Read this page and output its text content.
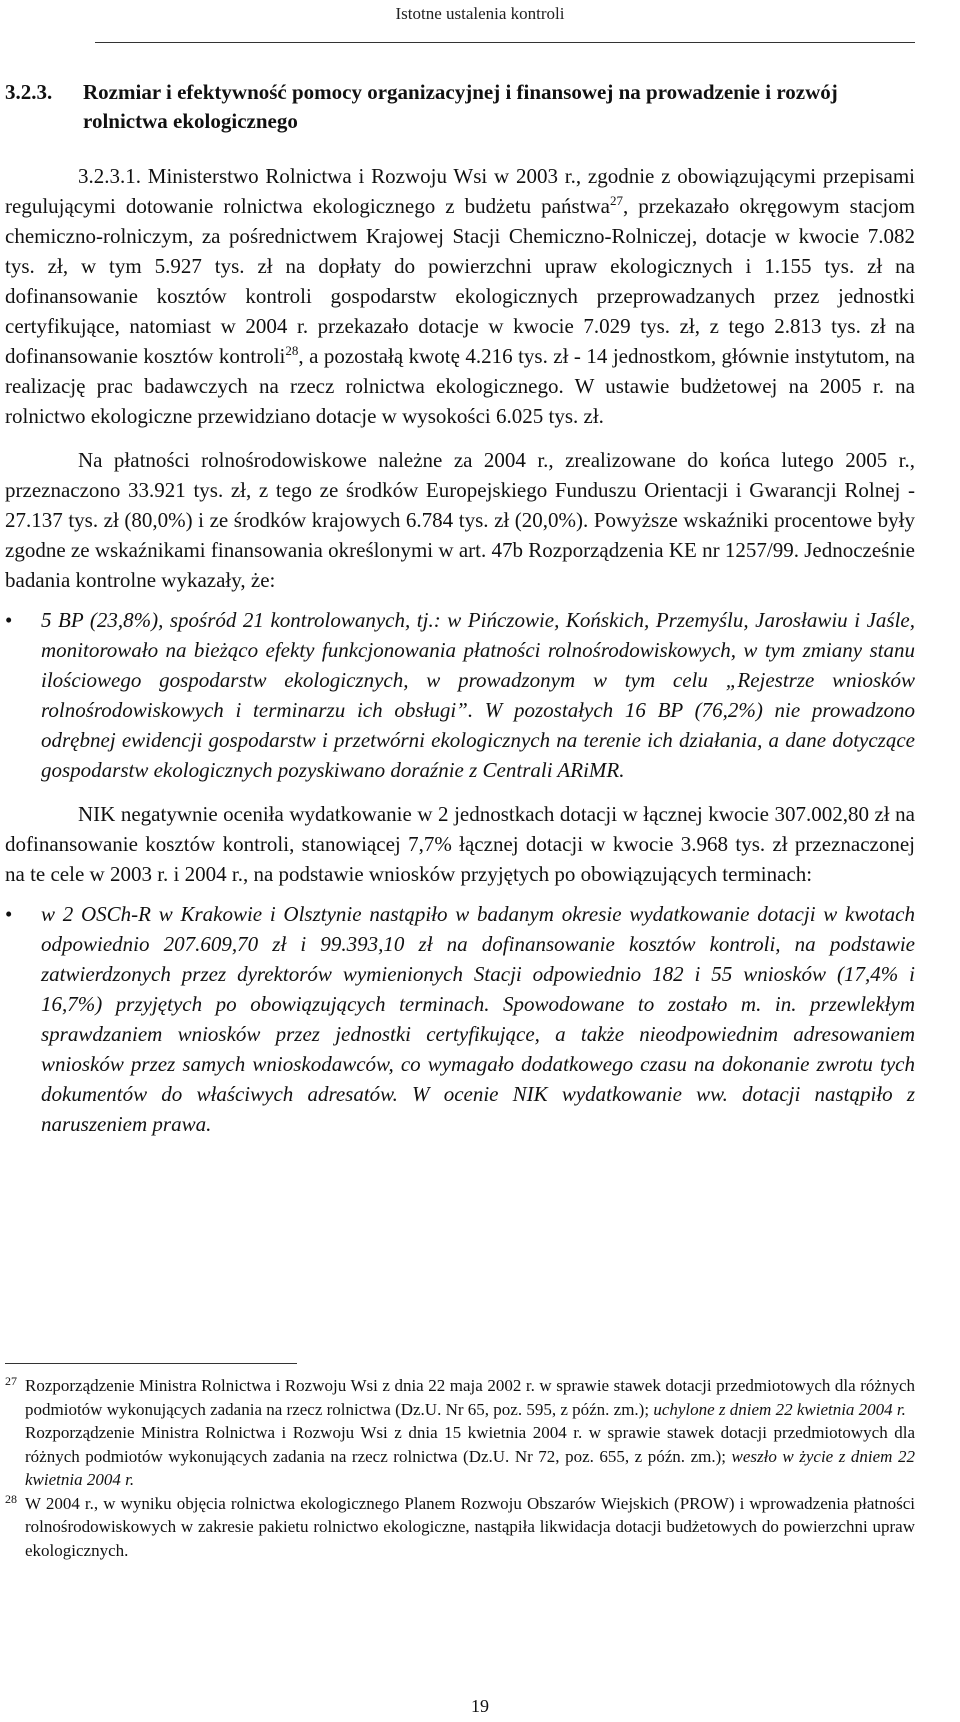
Istotne ustalenia kontroli
3.2.3.	Rozmiar i efektywność pomocy organizacyjnej i finansowej na prowadzenie i rozwój rolnictwa ekologicznego

3.2.3.1. Ministerstwo Rolnictwa i Rozwoju Wsi w 2003 r., zgodnie z obowiązującymi przepisami regulującymi dotowanie rolnictwa ekologicznego z budżetu państwa$^{27}$, przekazało okręgowym stacjom chemiczno-rolniczym, za pośrednictwem Krajowej Stacji Chemiczno-Rolniczej, dotacje w kwocie 7.082 tys. zł, w tym 5.927 tys. zł na dopłaty do powierzchni upraw ekologicznych i 1.155 tys. zł na dofinansowanie kosztów kontroli gospodarstw ekologicznych przeprowadzanych przez jednostki certyfikujące, natomiast w 2004 r. przekazało dotacje w kwocie 7.029 tys. zł, z tego 2.813 tys. zł na dofinansowanie kosztów kontroli$^{28}$, a pozostałą kwotę 4.216 tys. zł - 14 jednostkom, głównie instytutom, na realizację prac badawczych na rzecz rolnictwa ekologicznego. W ustawie budżetowej na 2005 r. na rolnictwo ekologiczne przewidziano dotacje w wysokości 6.025 tys. zł.

Na płatności rolnośrodowiskowe należne za 2004 r., zrealizowane do końca lutego 2005 r., przeznaczono 33.921 tys. zł, z tego ze środków Europejskiego Funduszu Orientacji i Gwarancji Rolnej - 27.137 tys. zł (80,0%) i ze środków krajowych 6.784 tys. zł (20,0%). Powyższe wskaźniki procentowe były zgodne ze wskaźnikami finansowania określonymi w art. 47b Rozporządzenia KE nr 1257/99. Jednocześnie badania kontrolne wykazały, że:

•	5 BP (23,8%), spośród 21 kontrolowanych, tj.: w Pińczowie, Końskich, Przemyślu, Jarosławiu i Jaśle, monitorowało na bieżąco efekty funkcjonowania płatności rolnośrodowiskowych, w tym zmiany stanu ilościowego gospodarstw ekologicznych, w prowadzonym w tym celu „Rejestrze wniosków rolnośrodowiskowych i terminarzu ich obsługi”. W pozostałych 16 BP (76,2%) nie prowadzono odrębnej ewidencji gospodarstw i przetwórni ekologicznych na terenie ich działania, a dane dotyczące gospodarstw ekologicznych pozyskiwano doraźnie z Centrali ARiMR.

NIK negatywnie oceniła wydatkowanie w 2 jednostkach dotacji w łącznej kwocie 307.002,80 zł na dofinansowanie kosztów kontroli, stanowiącej 7,7% łącznej dotacji w kwocie 3.968 tys. zł przeznaczonej na te cele w 2003 r. i 2004 r., na podstawie wniosków przyjętych po obowiązujących terminach:

•	w 2 OSCh-R w Krakowie i Olsztynie nastąpiło w badanym okresie wydatkowanie dotacji w kwotach odpowiednio 207.609,70 zł i 99.393,10 zł na dofinansowanie kosztów kontroli, na podstawie zatwierdzonych przez dyrektorów wymienionych Stacji odpowiednio 182 i 55 wniosków (17,4% i 16,7%) przyjętych po obowiązujących terminach. Spowodowane to zostało m. in. przewlekłym sprawdzaniem wniosków przez jednostki certyfikujące, a także nieodpowiednim adresowaniem wniosków przez samych wnioskodawców, co wymagało dodatkowego czasu na dokonanie zwrotu tych dokumentów do właściwych adresatów. W ocenie NIK wydatkowanie ww. dotacji nastąpiło z naruszeniem prawa.
27 Rozporządzenie Ministra Rolnictwa i Rozwoju Wsi z dnia 22 maja 2002 r. w sprawie stawek dotacji przedmiotowych dla różnych podmiotów wykonujących zadania na rzecz rolnictwa (Dz.U. Nr 65, poz. 595, z późn. zm.); uchylone z dniem 22 kwietnia 2004 r.
Rozporządzenie Ministra Rolnictwa i Rozwoju Wsi z dnia 15 kwietnia 2004 r. w sprawie stawek dotacji przedmiotowych dla różnych podmiotów wykonujących zadania na rzecz rolnictwa (Dz.U. Nr 72, poz. 655, z późn. zm.); weszło w życie z dniem 22 kwietnia 2004 r.
28 W 2004 r., w wyniku objęcia rolnictwa ekologicznego Planem Rozwoju Obszarów Wiejskich (PROW) i wprowadzenia płatności rolnośrodowiskowych w zakresie pakietu rolnictwo ekologiczne, nastąpiła likwidacja dotacji budżetowych do powierzchni upraw ekologicznych.
19
